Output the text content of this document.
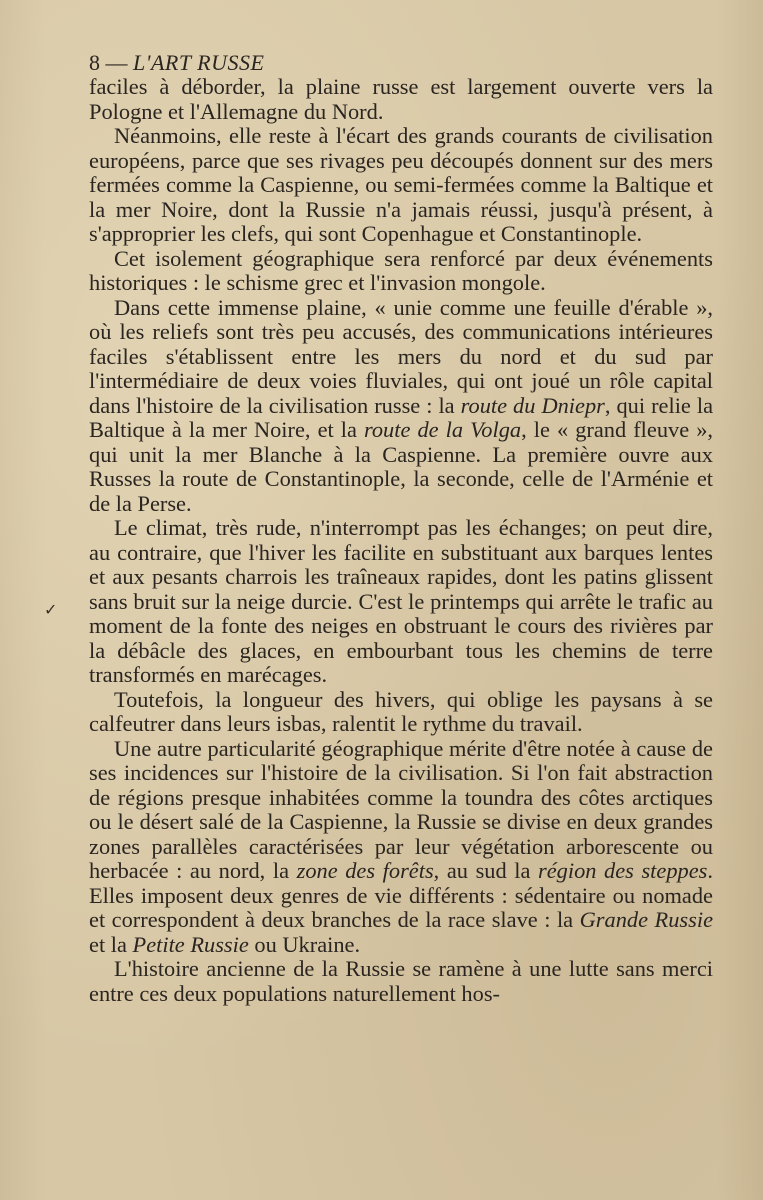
8 — L'ART RUSSE

faciles à déborder, la plaine russe est largement ouverte vers la Pologne et l'Allemagne du Nord.

Néanmoins, elle reste à l'écart des grands courants de civilisation européens, parce que ses rivages peu découpés donnent sur des mers fermées comme la Caspienne, ou semi-fermées comme la Baltique et la mer Noire, dont la Russie n'a jamais réussi, jusqu'à présent, à s'approprier les clefs, qui sont Copenhague et Constantinople.

Cet isolement géographique sera renforcé par deux événements historiques : le schisme grec et l'invasion mongole.

Dans cette immense plaine, « unie comme une feuille d'érable », où les reliefs sont très peu accusés, des communications intérieures faciles s'établissent entre les mers du nord et du sud par l'intermédiaire de deux voies fluviales, qui ont joué un rôle capital dans l'histoire de la civilisation russe : la route du Dniepr, qui relie la Baltique à la mer Noire, et la route de la Volga, le « grand fleuve », qui unit la mer Blanche à la Caspienne. La première ouvre aux Russes la route de Constantinople, la seconde, celle de l'Arménie et de la Perse.

Le climat, très rude, n'interrompt pas les échanges; on peut dire, au contraire, que l'hiver les facilite en substituant aux barques lentes et aux pesants charrois les traîneaux rapides, dont les patins glissent sans bruit sur la neige durcie. C'est le printemps qui arrête le trafic au moment de la fonte des neiges en obstruant le cours des rivières par la débâcle des glaces, en embourbant tous les chemins de terre transformés en marécages.

Toutefois, la longueur des hivers, qui oblige les paysans à se calfeutrer dans leurs isbas, ralentit le rythme du travail.

Une autre particularité géographique mérite d'être notée à cause de ses incidences sur l'histoire de la civilisation. Si l'on fait abstraction de régions presque inhabitées comme la toundra des côtes arctiques ou le désert salé de la Caspienne, la Russie se divise en deux grandes zones parallèles caractérisées par leur végétation arborescente ou herbacée : au nord, la zone des forêts, au sud la région des steppes. Elles imposent deux genres de vie différents : sédentaire ou nomade et correspondent à deux branches de la race slave : la Grande Russie et la Petite Russie ou Ukraine.

L'histoire ancienne de la Russie se ramène à une lutte sans merci entre ces deux populations naturellement hos-

✓
